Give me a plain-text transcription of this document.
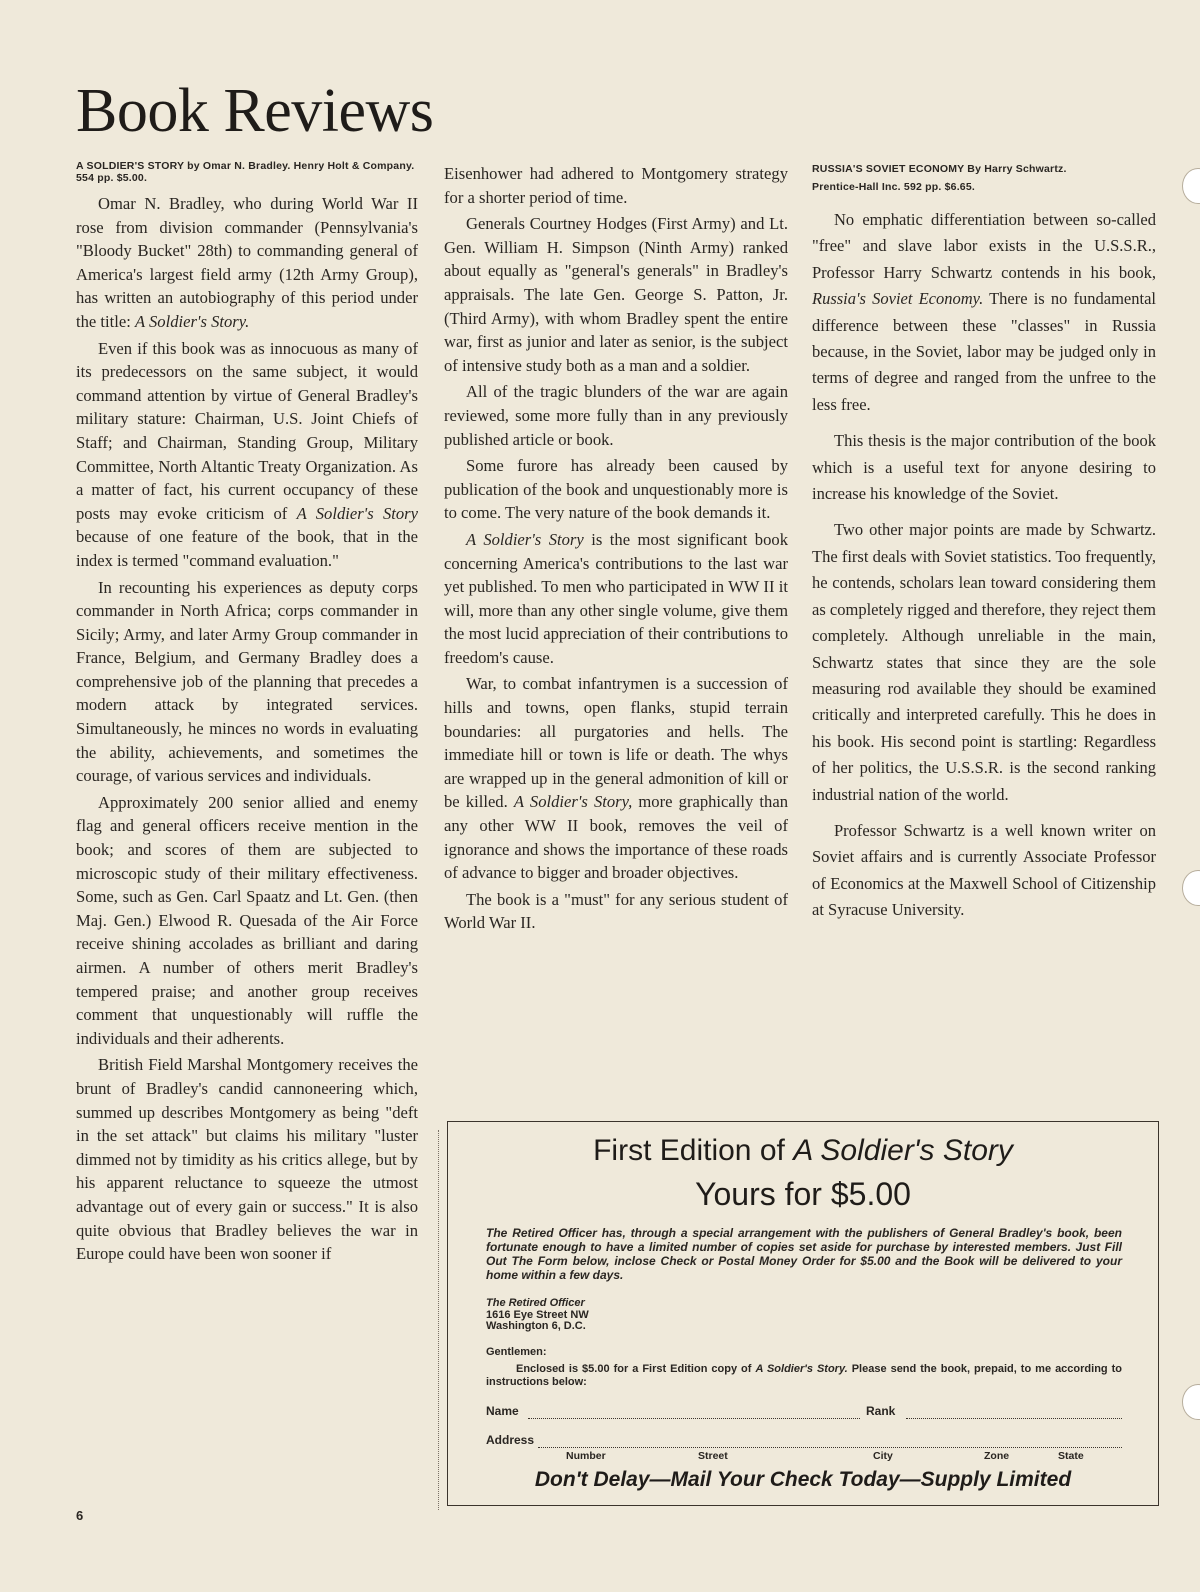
Book Reviews
A SOLDIER'S STORY by Omar N. Bradley. Henry Holt & Company. 554 pp. $5.00.

Omar N. Bradley, who during World War II rose from division commander (Pennsylvania's "Bloody Bucket" 28th) to commanding general of America's largest field army (12th Army Group), has written an autobiography of this period under the title: A Soldier's Story.

Even if this book was as innocuous as many of its predecessors on the same subject, it would command attention by virtue of General Bradley's military stature: Chairman, U.S. Joint Chiefs of Staff; and Chairman, Standing Group, Military Committee, North Altantic Treaty Organization. As a matter of fact, his current occupancy of these posts may evoke criticism of A Soldier's Story because of one feature of the book, that in the index is termed "command evaluation."

In recounting his experiences as deputy corps commander in North Africa; corps commander in Sicily; Army, and later Army Group commander in France, Belgium, and Germany Bradley does a comprehensive job of the planning that precedes a modern attack by integrated services. Simultaneously, he minces no words in evaluating the ability, achievements, and sometimes the courage, of various services and individuals.

Approximately 200 senior allied and enemy flag and general officers receive mention in the book; and scores of them are subjected to microscopic study of their military effectiveness. Some, such as Gen. Carl Spaatz and Lt. Gen. (then Maj. Gen.) Elwood R. Quesada of the Air Force receive shining accolades as brilliant and daring airmen. A number of others merit Bradley's tempered praise; and another group receives comment that unquestionably will ruffle the individuals and their adherents.

British Field Marshal Montgomery receives the brunt of Bradley's candid cannoneering which, summed up describes Montgomery as being "deft in the set attack" but claims his military "luster dimmed not by timidity as his critics allege, but by his apparent reluctance to squeeze the utmost advantage out of every gain or success." It is also quite obvious that Bradley believes the war in Europe could have been won sooner if

Eisenhower had adhered to Montgomery strategy for a shorter period of time.

Generals Courtney Hodges (First Army) and Lt. Gen. William H. Simpson (Ninth Army) ranked about equally as "general's generals" in Bradley's appraisals. The late Gen. George S. Patton, Jr. (Third Army), with whom Bradley spent the entire war, first as junior and later as senior, is the subject of intensive study both as a man and a soldier.

All of the tragic blunders of the war are again reviewed, some more fully than in any previously published article or book.

Some furore has already been caused by publication of the book and unquestionably more is to come. The very nature of the book demands it.

A Soldier's Story is the most significant book concerning America's contributions to the last war yet published. To men who participated in WW II it will, more than any other single volume, give them the most lucid appreciation of their contributions to freedom's cause.

War, to combat infantrymen is a succession of hills and towns, open flanks, stupid terrain boundaries: all purgatories and hells. The immediate hill or town is life or death. The whys are wrapped up in the general admonition of kill or be killed. A Soldier's Story, more graphically than any other WW II book, removes the veil of ignorance and shows the importance of these roads of advance to bigger and broader objectives.

The book is a "must" for any serious student of World War II.

RUSSIA'S SOVIET ECONOMY By Harry Schwartz.
Prentice-Hall Inc. 592 pp. $6.65.

No emphatic differentiation between so-called "free" and slave labor exists in the U.S.S.R., Professor Harry Schwartz contends in his book, Russia's Soviet Economy. There is no fundamental difference between these "classes" in Russia because, in the Soviet, labor may be judged only in terms of degree and ranged from the unfree to the less free.

This thesis is the major contribution of the book which is a useful text for anyone desiring to increase his knowledge of the Soviet.

Two other major points are made by Schwartz. The first deals with Soviet statistics. Too frequently, he contends, scholars lean toward considering them as completely rigged and therefore, they reject them completely. Although unreliable in the main, Schwartz states that since they are the sole measuring rod available they should be examined critically and interpreted carefully. This he does in his book. His second point is startling: Regardless of her politics, the U.S.S.R. is the second ranking industrial nation of the world.

Professor Schwartz is a well known writer on Soviet affairs and is currently Associate Professor of Economics at the Maxwell School of Citizenship at Syracuse University.

First Edition of A Soldier's Story
Yours for $5.00
The Retired Officer has, through a special arrangement with the publishers of General Bradley's book, been fortunate enough to have a limited number of copies set aside for purchase by interested members. Just Fill Out The Form below, inclose Check or Postal Money Order for $5.00 and the Book will be delivered to your home within a few days.
The Retired Officer
1616 Eye Street NW
Washington 6, D.C.
Gentlemen:
Enclosed is $5.00 for a First Edition copy of A Soldier's Story. Please send the book, prepaid, to me according to instructions below:
Name	Rank
Address
Number	Street	City	Zone	State
Don't Delay—Mail Your Check Today—Supply Limited
6
